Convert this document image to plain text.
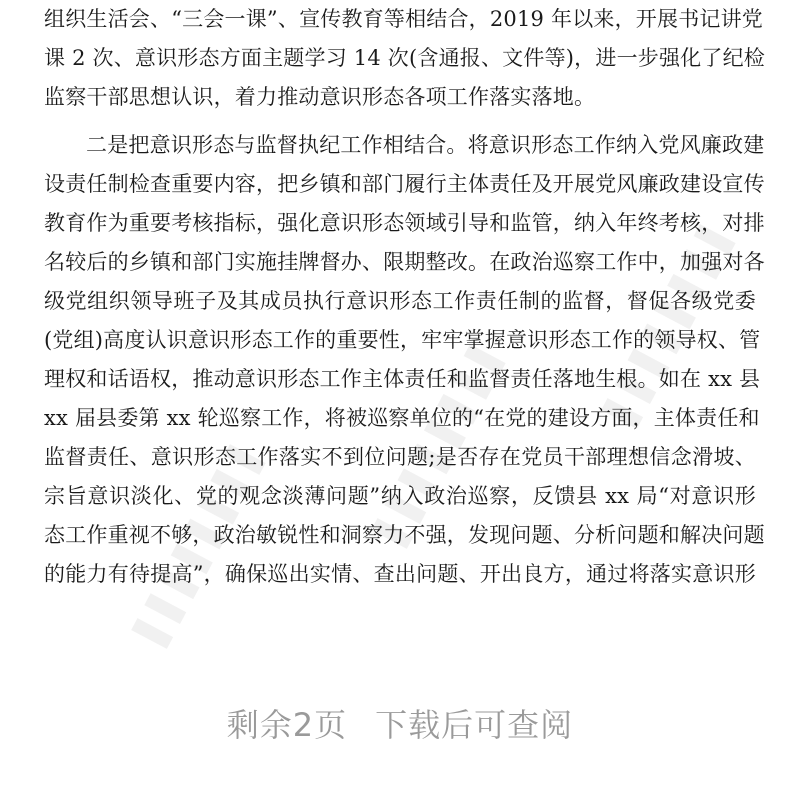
▌▌▌▌▌▌▌▌	▌▌▌▌▌▌▌▌
▌▌▌▌▌▌▌▌
组织生活会、“三会一课”、宣传教育等相结合，2019 年以来，开展书记讲党
课 2 次、意识形态方面主题学习 14 次(含通报、文件等)，进一步强化了纪检
监察干部思想认识，着力推动意识形态各项工作落实落地。
二是把意识形态与监督执纪工作相结合。将意识形态工作纳入党风廉政建
设责任制检查重要内容，把乡镇和部门履行主体责任及开展党风廉政建设宣传
教育作为重要考核指标，强化意识形态领域引导和监管，纳入年终考核，对排
名较后的乡镇和部门实施挂牌督办、限期整改。在政治巡察工作中，加强对各
级党组织领导班子及其成员执行意识形态工作责任制的监督，督促各级党委
(党组)高度认识意识形态工作的重要性，牢牢掌握意识形态工作的领导权、管
理权和话语权，推动意识形态工作主体责任和监督责任落地生根。如在 xx 县
xx 届县委第 xx 轮巡察工作，将被巡察单位的“在党的建设方面，主体责任和
监督责任、意识形态工作落实不到位问题;是否存在党员干部理想信念滑坡、
宗旨意识淡化、党的观念淡薄问题”纳入政治巡察，反馈县 xx 局“对意识形
态工作重视不够，政治敏锐性和洞察力不强，发现问题、分析问题和解决问题
的能力有待提高”，确保巡出实情、查出问题、开出良方，通过将落实意识形
剩余2页 下载后可查阅
